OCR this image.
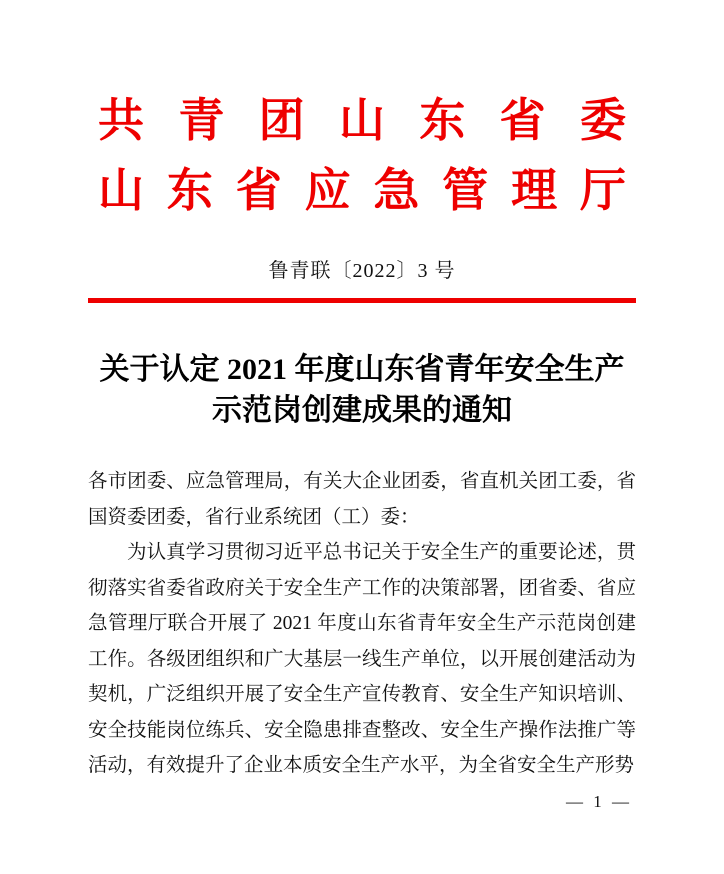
共青团山东省委
山东省应急管理厅
鲁青联〔2022〕3 号
关于认定 2021 年度山东省青年安全生产
示范岗创建成果的通知

各市团委、应急管理局，有关大企业团委，省直机关团工委，省国资委团委，省行业系统团（工）委：

为认真学习贯彻习近平总书记关于安全生产的重要论述，贯彻落实省委省政府关于安全生产工作的决策部署，团省委、省应急管理厅联合开展了 2021 年度山东省青年安全生产示范岗创建工作。各级团组织和广大基层一线生产单位，以开展创建活动为契机，广泛组织开展了安全生产宣传教育、安全生产知识培训、安全技能岗位练兵、安全隐患排查整改、安全生产操作法推广等活动，有效提升了企业本质安全生产水平，为全省安全生产形势

— 1 —
